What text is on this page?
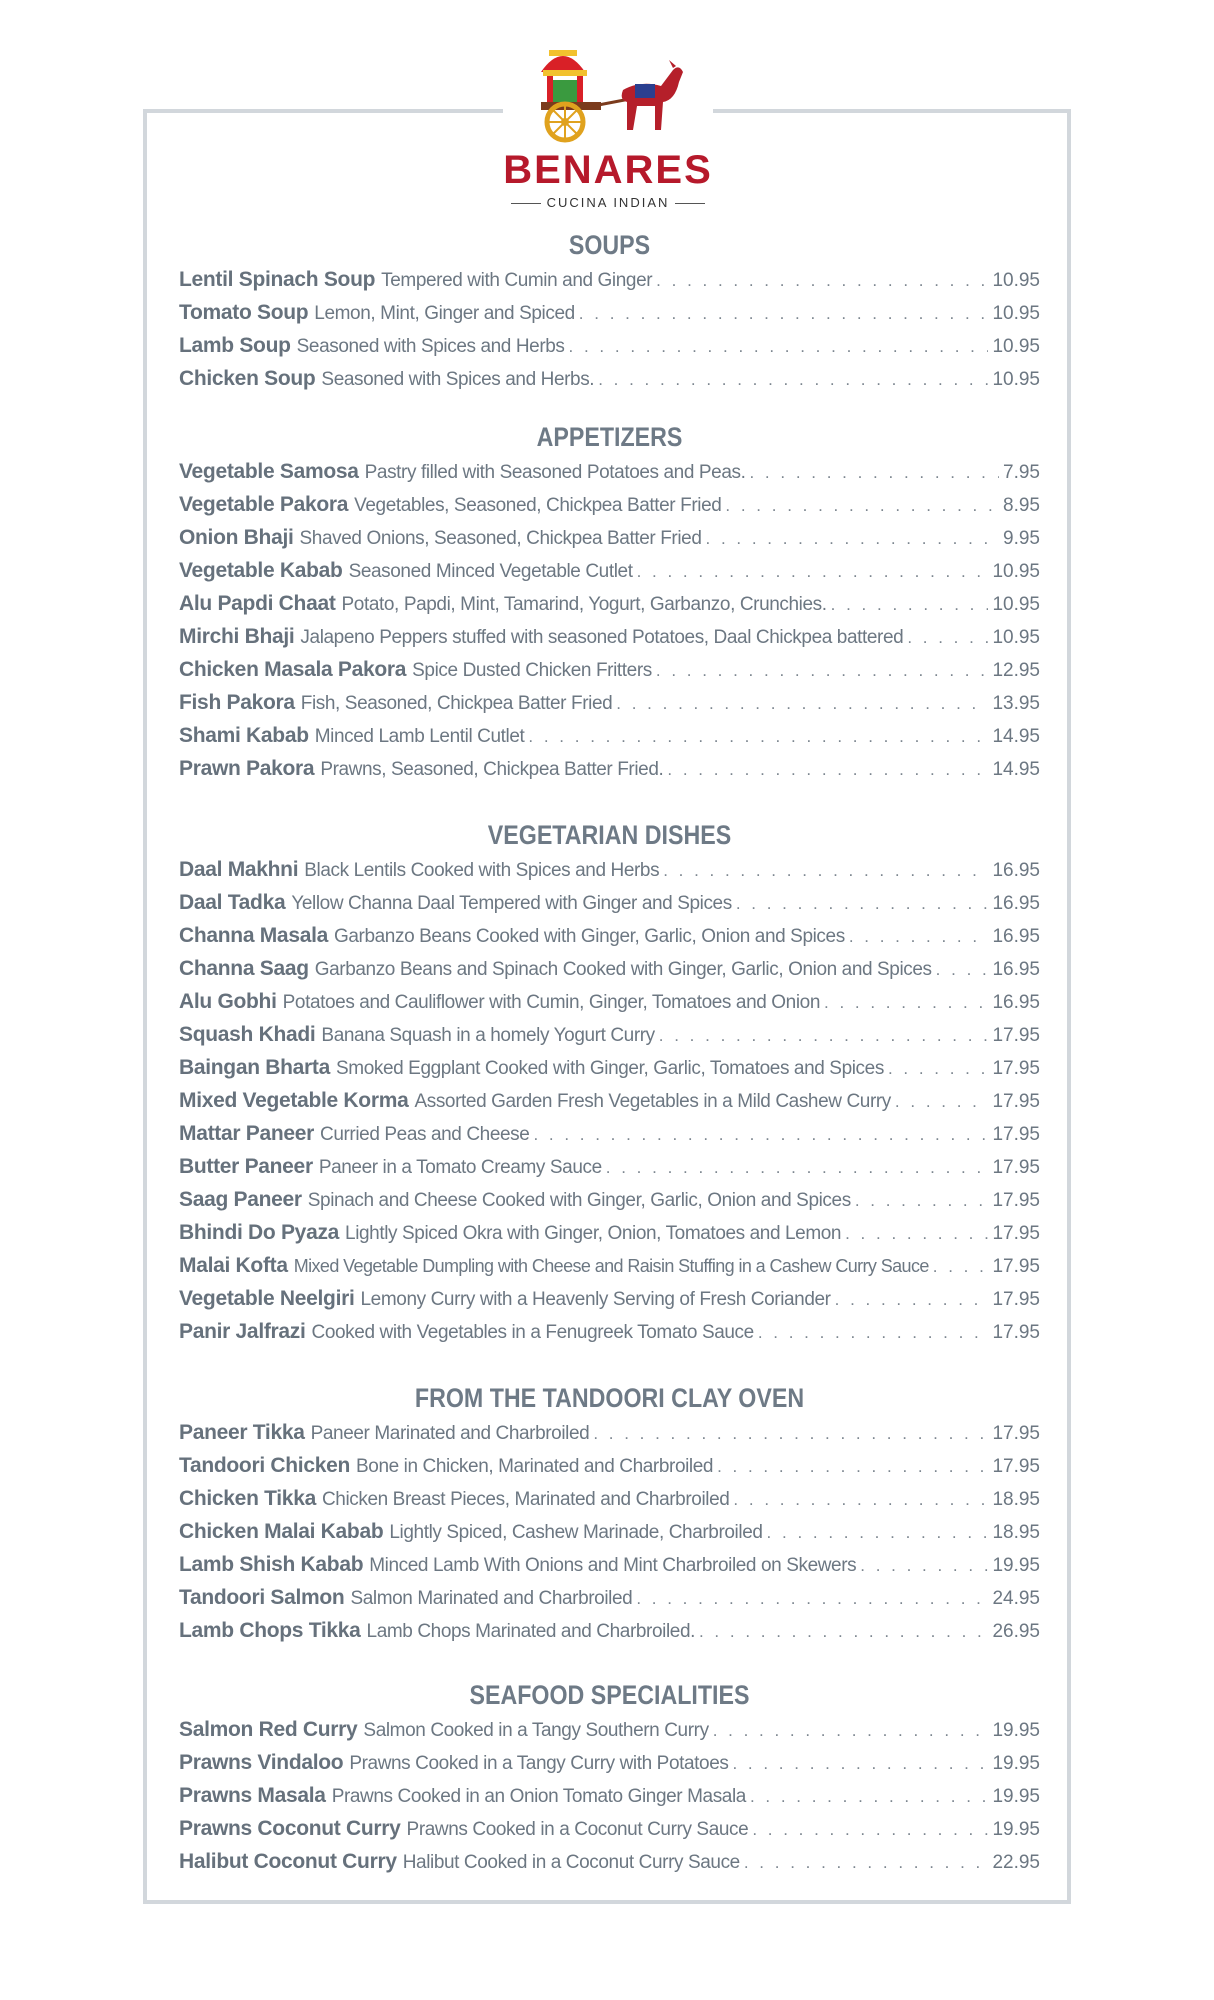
BENARES
CUCINA INDIAN
SOUPS
Lentil Spinach Soup Tempered with Cumin and Ginger . . .	10.95
Tomato Soup Lemon, Mint, Ginger and Spiced . . .	10.95
Lamb Soup Seasoned with Spices and Herbs . . .	10.95
Chicken Soup Seasoned with Spices and Herbs. . . .	10.95
APPETIZERS
Vegetable Samosa Pastry filled with Seasoned Potatoes and Peas. . . .	7.95
Vegetable Pakora Vegetables, Seasoned, Chickpea Batter Fried . . .	8.95
Onion Bhaji Shaved Onions, Seasoned, Chickpea Batter Fried . . .	9.95
Vegetable Kabab Seasoned Minced Vegetable Cutlet . . .	10.95
Alu Papdi Chaat Potato, Papdi, Mint, Tamarind, Yogurt, Garbanzo, Crunchies. . . .	10.95
Mirchi Bhaji Jalapeno Peppers stuffed with seasoned Potatoes, Daal Chickpea battered . . .	10.95
Chicken Masala Pakora Spice Dusted Chicken Fritters . . .	12.95
Fish Pakora Fish, Seasoned, Chickpea Batter Fried . . .	13.95
Shami Kabab Minced Lamb Lentil Cutlet . . .	14.95
Prawn Pakora Prawns, Seasoned, Chickpea Batter Fried. . . .	14.95
VEGETARIAN DISHES
Daal Makhni Black Lentils Cooked with Spices and Herbs . . .	16.95
Daal Tadka Yellow Channa Daal Tempered with Ginger and Spices . . .	16.95
Channa Masala Garbanzo Beans Cooked with Ginger, Garlic, Onion and Spices . . .	16.95
Channa Saag Garbanzo Beans and Spinach Cooked with Ginger, Garlic, Onion and Spices . . .	16.95
Alu Gobhi Potatoes and Cauliflower with Cumin, Ginger, Tomatoes and Onion . . .	16.95
Squash Khadi Banana Squash in a homely Yogurt Curry . . .	17.95
Baingan Bharta Smoked Eggplant Cooked with Ginger, Garlic, Tomatoes and Spices . . .	17.95
Mixed Vegetable Korma Assorted Garden Fresh Vegetables in a Mild Cashew Curry . . .	17.95
Mattar Paneer Curried Peas and Cheese . . .	17.95
Butter Paneer Paneer in a Tomato Creamy Sauce . . .	17.95
Saag Paneer Spinach and Cheese Cooked with Ginger, Garlic, Onion and Spices . . .	17.95
Bhindi Do Pyaza Lightly Spiced Okra with Ginger, Onion, Tomatoes and Lemon . . .	17.95
Malai Kofta Mixed Vegetable Dumpling with Cheese and Raisin Stuffing in a Cashew Curry Sauce . . .	17.95
Vegetable Neelgiri Lemony Curry with a Heavenly Serving of Fresh Coriander . . .	17.95
Panir Jalfrazi Cooked with Vegetables in a Fenugreek Tomato Sauce . . .	17.95
FROM THE TANDOORI CLAY OVEN
Paneer Tikka Paneer Marinated and Charbroiled . . .	17.95
Tandoori Chicken Bone in Chicken, Marinated and Charbroiled . . .	17.95
Chicken Tikka Chicken Breast Pieces, Marinated and Charbroiled . . .	18.95
Chicken Malai Kabab Lightly Spiced, Cashew Marinade, Charbroiled . . .	18.95
Lamb Shish Kabab Minced Lamb With Onions and Mint Charbroiled on Skewers . . .	19.95
Tandoori Salmon Salmon Marinated and Charbroiled . . .	24.95
Lamb Chops Tikka Lamb Chops Marinated and Charbroiled. . . .	26.95
SEAFOOD SPECIALITIES
Salmon Red Curry Salmon Cooked in a Tangy Southern Curry . . .	19.95
Prawns Vindaloo Prawns Cooked in a Tangy Curry with Potatoes . . .	19.95
Prawns Masala Prawns Cooked in an Onion Tomato Ginger Masala . . .	19.95
Prawns Coconut Curry Prawns Cooked in a Coconut Curry Sauce . . .	19.95
Halibut Coconut Curry Halibut Cooked in a Coconut Curry Sauce . . .	22.95
